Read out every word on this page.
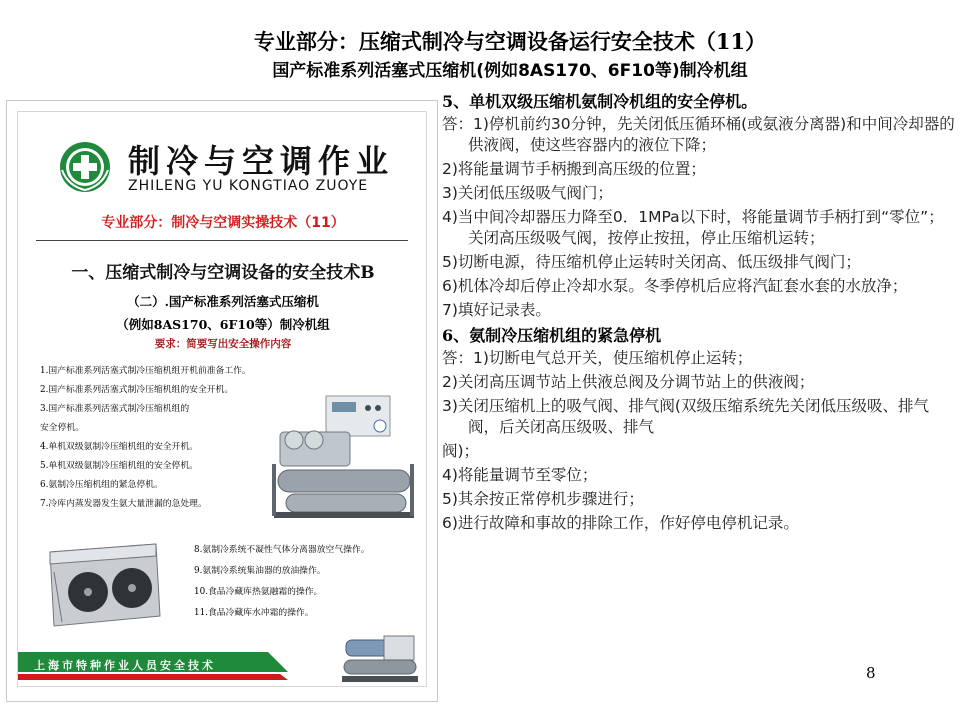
专业部分：压缩式制冷与空调设备运行安全技术（11）
国产标准系列活塞式压缩机(例如8AS170、6F10等)制冷机组
制冷与空调作业
ZHILENG YU KONGTIAO ZUOYE
专业部分：制冷与空调实操技术（11）
一、压缩式制冷与空调设备的安全技术B
（二）.国产标准系列活塞式压缩机
（例如8AS170、6F10等）制冷机组
要求：简要写出安全操作内容
1.国产标准系列活塞式制冷压缩机组开机前准备工作。
2.国产标准系列活塞式制冷压缩机组的安全开机。
3.国产标准系列活塞式制冷压缩机组的
安全停机。
4.单机双级氨制冷压缩机组的安全开机。
5.单机双级氨制冷压缩机组的安全停机。
6.氨制冷压缩机组的紧急停机。
7.冷库内蒸发器发生氨大量泄漏的急处理。
8.氨制冷系统不凝性气体分离器放空气操作。
9.氨制冷系统集油器的放油操作。
10.食品冷藏库热氨融霜的操作。
11.食品冷藏库水冲霜的操作。
上海市特种作业人员安全技术
5、单机双级压缩机氨制冷机组的安全停机。
答：1)停机前约30分钟，先关闭低压循环桶(或氨液分离器)和中间冷却器的供液阀，使这些容器内的液位下降；
2)将能量调节手柄搬到高压级的位置；
3)关闭低压级吸气阀门；
4)当中间冷却器压力降至0．1MPa以下时，将能量调节手柄打到“零位”；关闭高压级吸气阀，按停止按扭，停止压缩机运转；
5)切断电源，待压缩机停止运转时关闭高、低压级排气阀门；
6)机体冷却后停止冷却水泵。冬季停机后应将汽缸套水套的水放净；
7)填好记录表。
6、氨制冷压缩机组的紧急停机
答：1)切断电气总开关，使压缩机停止运转；
2)关闭高压调节站上供液总阀及分调节站上的供液阀；
3)关闭压缩机上的吸气阀、排气阀(双级压缩系统先关闭低压级吸、排气阀，后关闭高压级吸、排气
阀)；
4)将能量调节至零位；
5)其余按正常停机步骤进行；
6)进行故障和事故的排除工作，作好停电停机记录。
8
